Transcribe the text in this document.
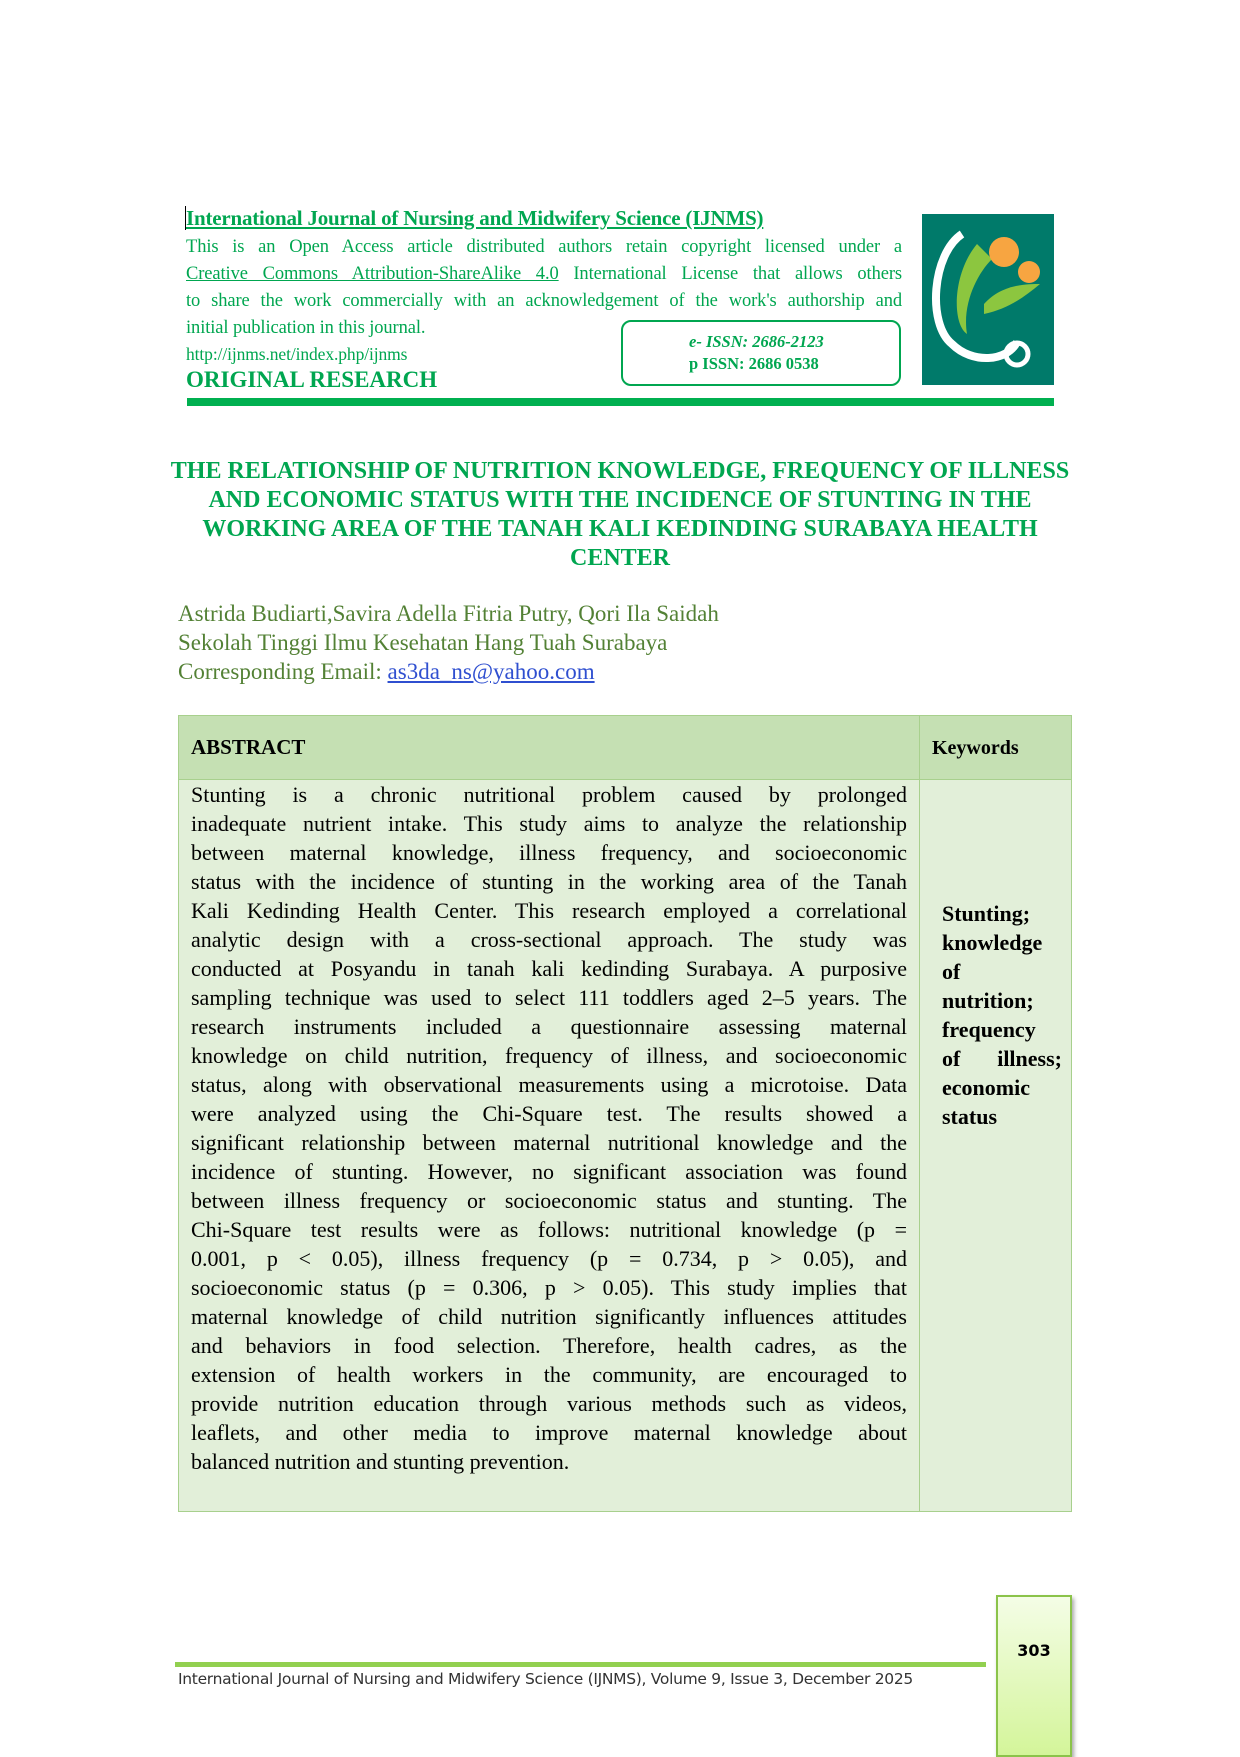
International Journal of Nursing and Midwifery Science (IJNMS)
This is an Open Access article distributed authors retain copyright licensed under a
Creative Commons Attribution-ShareAlike 4.0 International License that allows others
to share the work commercially with an acknowledgement of the work's authorship and
initial publication in this journal.
http://ijnms.net/index.php/ijnms
ORIGINAL RESEARCH
e- ISSN: 2686-2123
p ISSN: 2686 0538
THE RELATIONSHIP OF NUTRITION KNOWLEDGE, FREQUENCY OF ILLNESS AND ECONOMIC STATUS WITH THE INCIDENCE OF STUNTING IN THE WORKING AREA OF THE TANAH KALI KEDINDING SURABAYA HEALTH CENTER
Astrida Budiarti,Savira Adella Fitria Putry, Qori Ila Saidah
Sekolah Tinggi Ilmu Kesehatan Hang Tuah Surabaya
Corresponding Email: as3da_ns@yahoo.com
ABSTRACT	Keywords
Stunting is a chronic nutritional problem caused by prolonged
inadequate nutrient intake. This study aims to analyze the relationship
between maternal knowledge, illness frequency, and socioeconomic
status with the incidence of stunting in the working area of the Tanah
Kali Kedinding Health Center. This research employed a correlational
analytic design with a cross-sectional approach. The study was
conducted at Posyandu in tanah kali kedinding Surabaya. A purposive
sampling technique was used to select 111 toddlers aged 2–5 years. The
research instruments included a questionnaire assessing maternal
knowledge on child nutrition, frequency of illness, and socioeconomic
status, along with observational measurements using a microtoise. Data
were analyzed using the Chi-Square test. The results showed a
significant relationship between maternal nutritional knowledge and the
incidence of stunting. However, no significant association was found
between illness frequency or socioeconomic status and stunting. The
Chi-Square test results were as follows: nutritional knowledge (p =
0.001, p < 0.05), illness frequency (p = 0.734, p > 0.05), and
socioeconomic status (p = 0.306, p > 0.05). This study implies that
maternal knowledge of child nutrition significantly influences attitudes
and behaviors in food selection. Therefore, health cadres, as the
extension of health workers in the community, are encouraged to
provide nutrition education through various methods such as videos,
leaflets, and other media to improve maternal knowledge about
balanced nutrition and stunting prevention.
Stunting;
knowledge
of
nutrition;
frequency
of illness;
economic
status
International Journal of Nursing and Midwifery Science (IJNMS), Volume 9, Issue 3, December 2025
303
